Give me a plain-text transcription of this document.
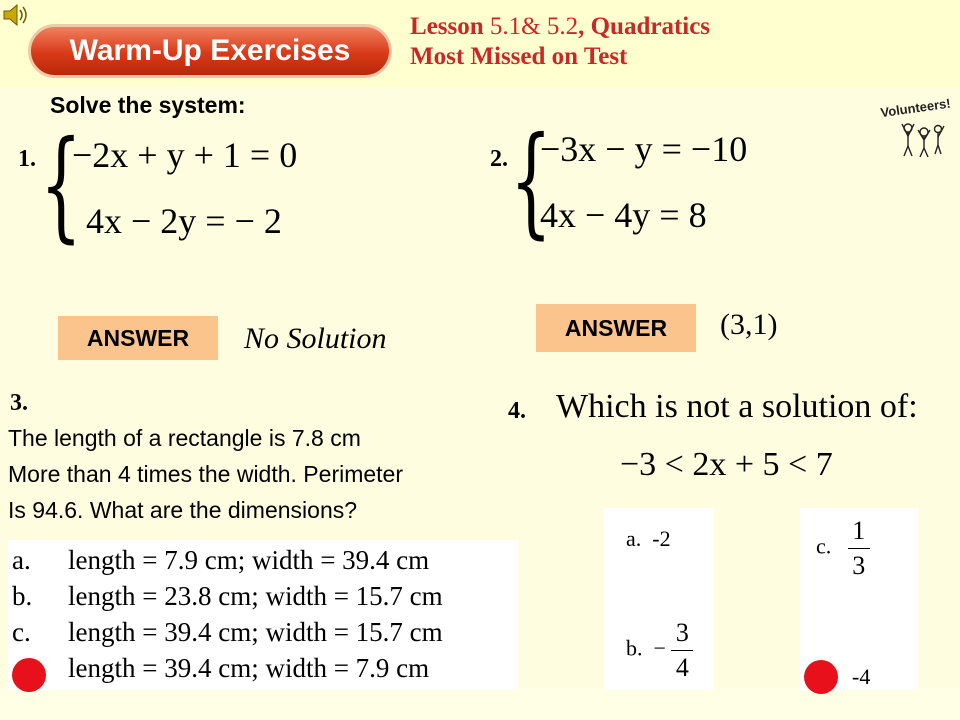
Warm-Up Exercises
Lesson 5.1& 5.2, Quadratics
Most Missed on Test
Solve the system:	Volunteers!
1. {
−2x + y + 1 = 0
4x − 2y = − 2
2. {
−3x − y = −10
4x − 4y = 8
ANSWER	No Solution	ANSWER	(3,1)
3.
The length of a rectangle is 7.8 cm
More than 4 times the width. Perimeter
Is 94.6. What are the dimensions?
a. length = 7.9 cm; width = 39.4 cm
b. length = 23.8 cm; width = 15.7 cm
c. length = 39.4 cm; width = 15.7 cm
length = 39.4 cm; width = 7.9 cm
4. Which is not a solution of:
−3 < 2x + 5 < 7
a. -2
b. − $\frac{3}{4}$
c. $\frac{1}{3}$
-4
